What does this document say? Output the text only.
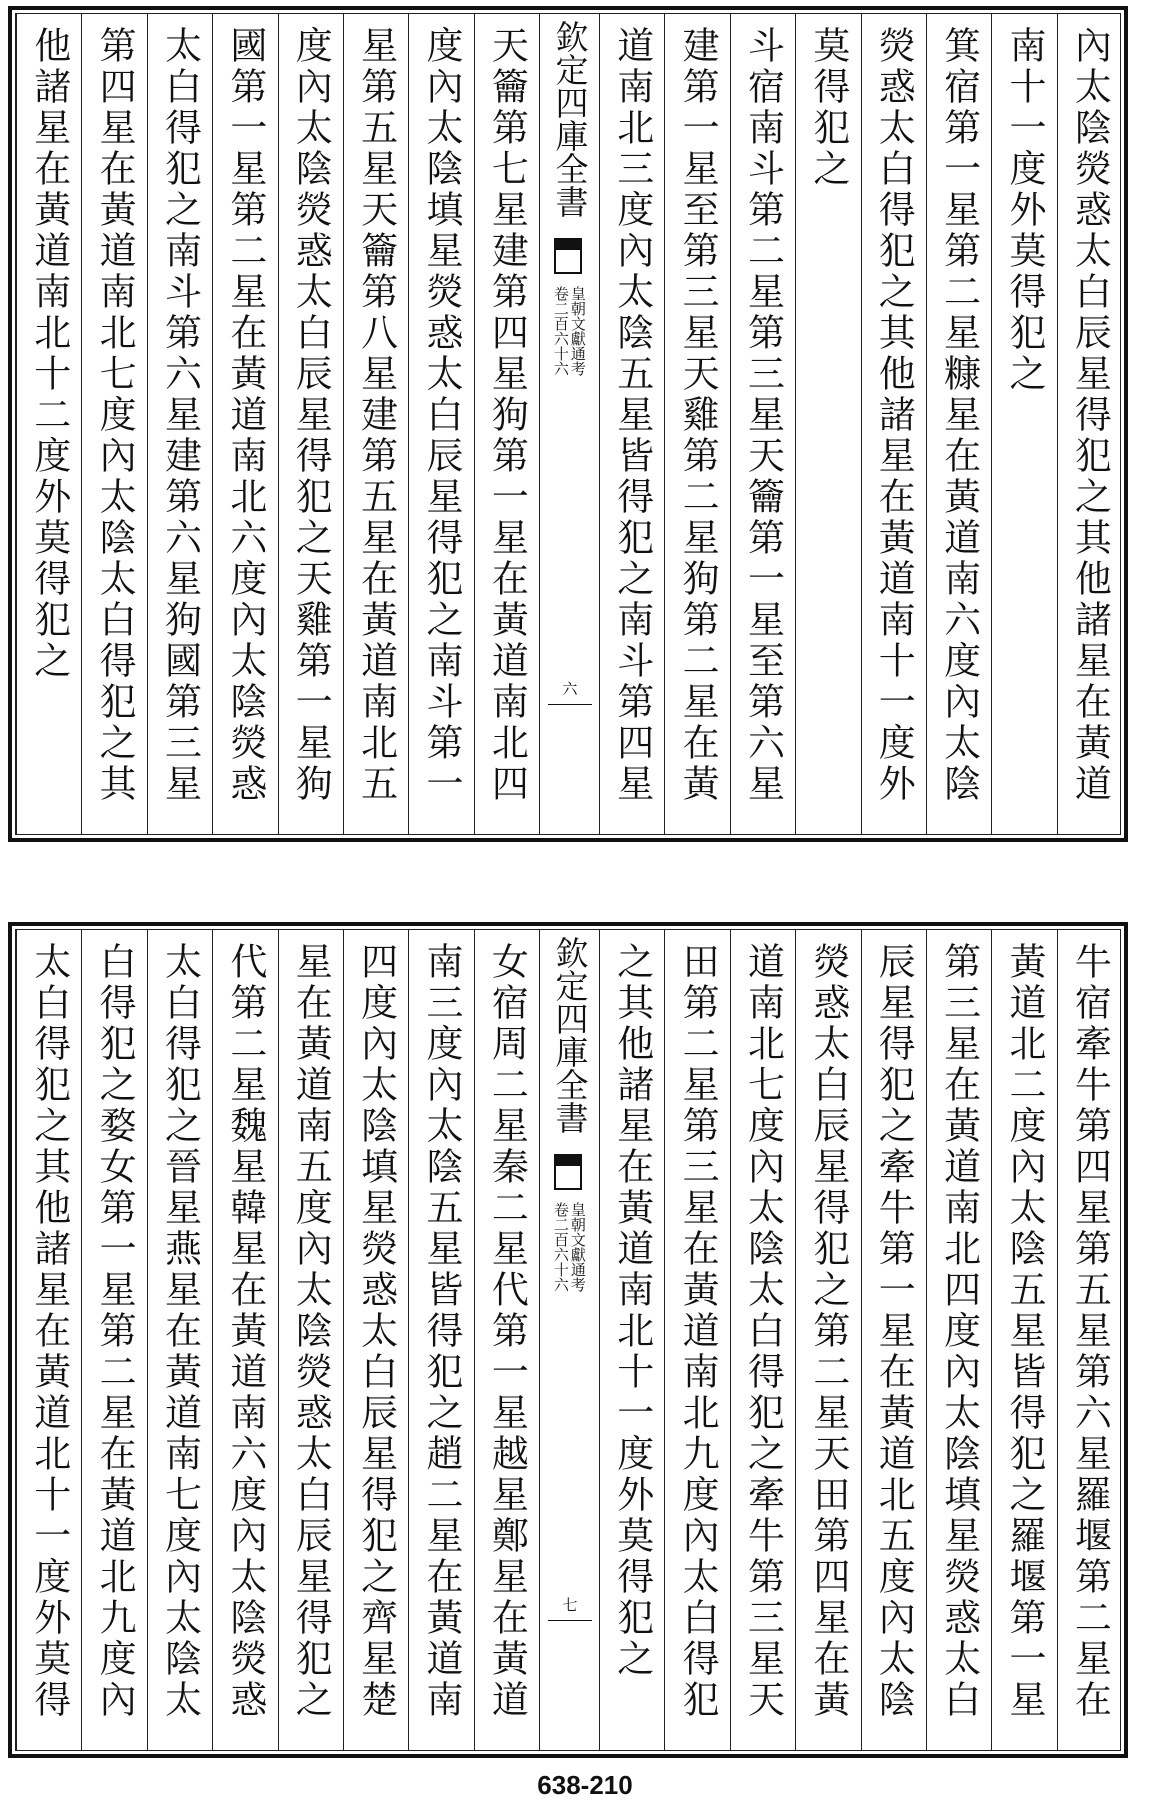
內太陰熒惑太白辰星得犯之其他諸星在黃道
南十一度外莫得犯之
箕宿第一星第二星糠星在黃道南六度內太陰
熒惑太白得犯之其他諸星在黃道南十一度外
莫得犯之
斗宿南斗第二星第三星天籥第一星至第六星
建第一星至第三星天雞第二星狗第二星在黃
道南北三度內太陰五星皆得犯之南斗第四星
欽定四庫全書
皇朝文獻通考
卷二百六十六
六
天籥第七星建第四星狗第一星在黃道南北四
度內太陰填星熒惑太白辰星得犯之南斗第一
星第五星天籥第八星建第五星在黃道南北五
度內太陰熒惑太白辰星得犯之天雞第一星狗
國第一星第二星在黃道南北六度內太陰熒惑
太白得犯之南斗第六星建第六星狗國第三星
第四星在黃道南北七度內太陰太白得犯之其
他諸星在黃道南北十二度外莫得犯之
牛宿牽牛第四星第五星第六星羅堰第二星在
黃道北二度內太陰五星皆得犯之羅堰第一星
第三星在黃道南北四度內太陰填星熒惑太白
辰星得犯之牽牛第一星在黃道北五度內太陰
熒惑太白辰星得犯之第二星天田第四星在黃
道南北七度內太陰太白得犯之牽牛第三星天
田第二星第三星在黃道南北九度內太白得犯
之其他諸星在黃道南北十一度外莫得犯之
欽定四庫全書
皇朝文獻通考
卷二百六十六
七
女宿周二星秦二星代第一星越星鄭星在黃道
南三度內太陰五星皆得犯之趙二星在黃道南
四度內太陰填星熒惑太白辰星得犯之齊星楚
星在黃道南五度內太陰熒惑太白辰星得犯之
代第二星魏星韓星在黃道南六度內太陰熒惑
太白得犯之晉星燕星在黃道南七度內太陰太
白得犯之婺女第一星第二星在黃道北九度內
太白得犯之其他諸星在黃道北十一度外莫得
638-210
